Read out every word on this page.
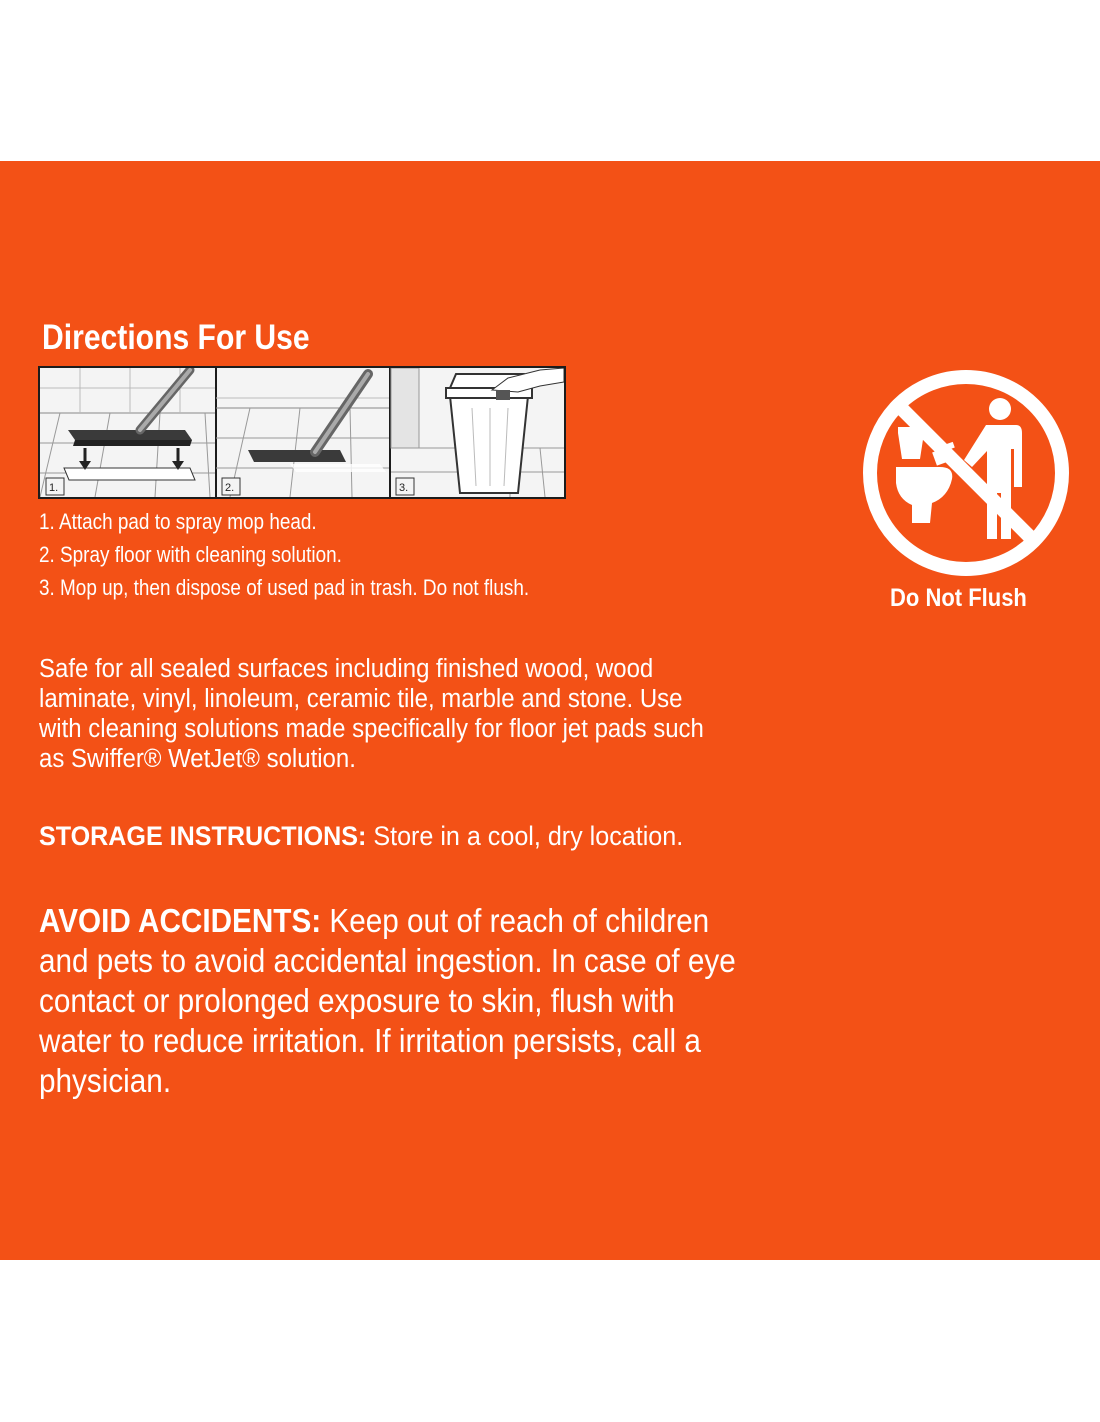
Directions For Use
1.	2.	3.
1. Attach pad to spray mop head.
2. Spray floor with cleaning solution.
3. Mop up, then dispose of used pad in trash. Do not flush.
Safe for all sealed surfaces including finished wood, wood
laminate, vinyl, linoleum, ceramic tile, marble and stone. Use
with cleaning solutions made specifically for floor jet pads such
as Swiffer® WetJet® solution.
STORAGE INSTRUCTIONS: Store in a cool, dry location.
AVOID ACCIDENTS: Keep out of reach of children
and pets to avoid accidental ingestion. In case of eye
contact or prolonged exposure to skin, flush with
water to reduce irritation. If irritation persists, call a
physician.
Do Not Flush
